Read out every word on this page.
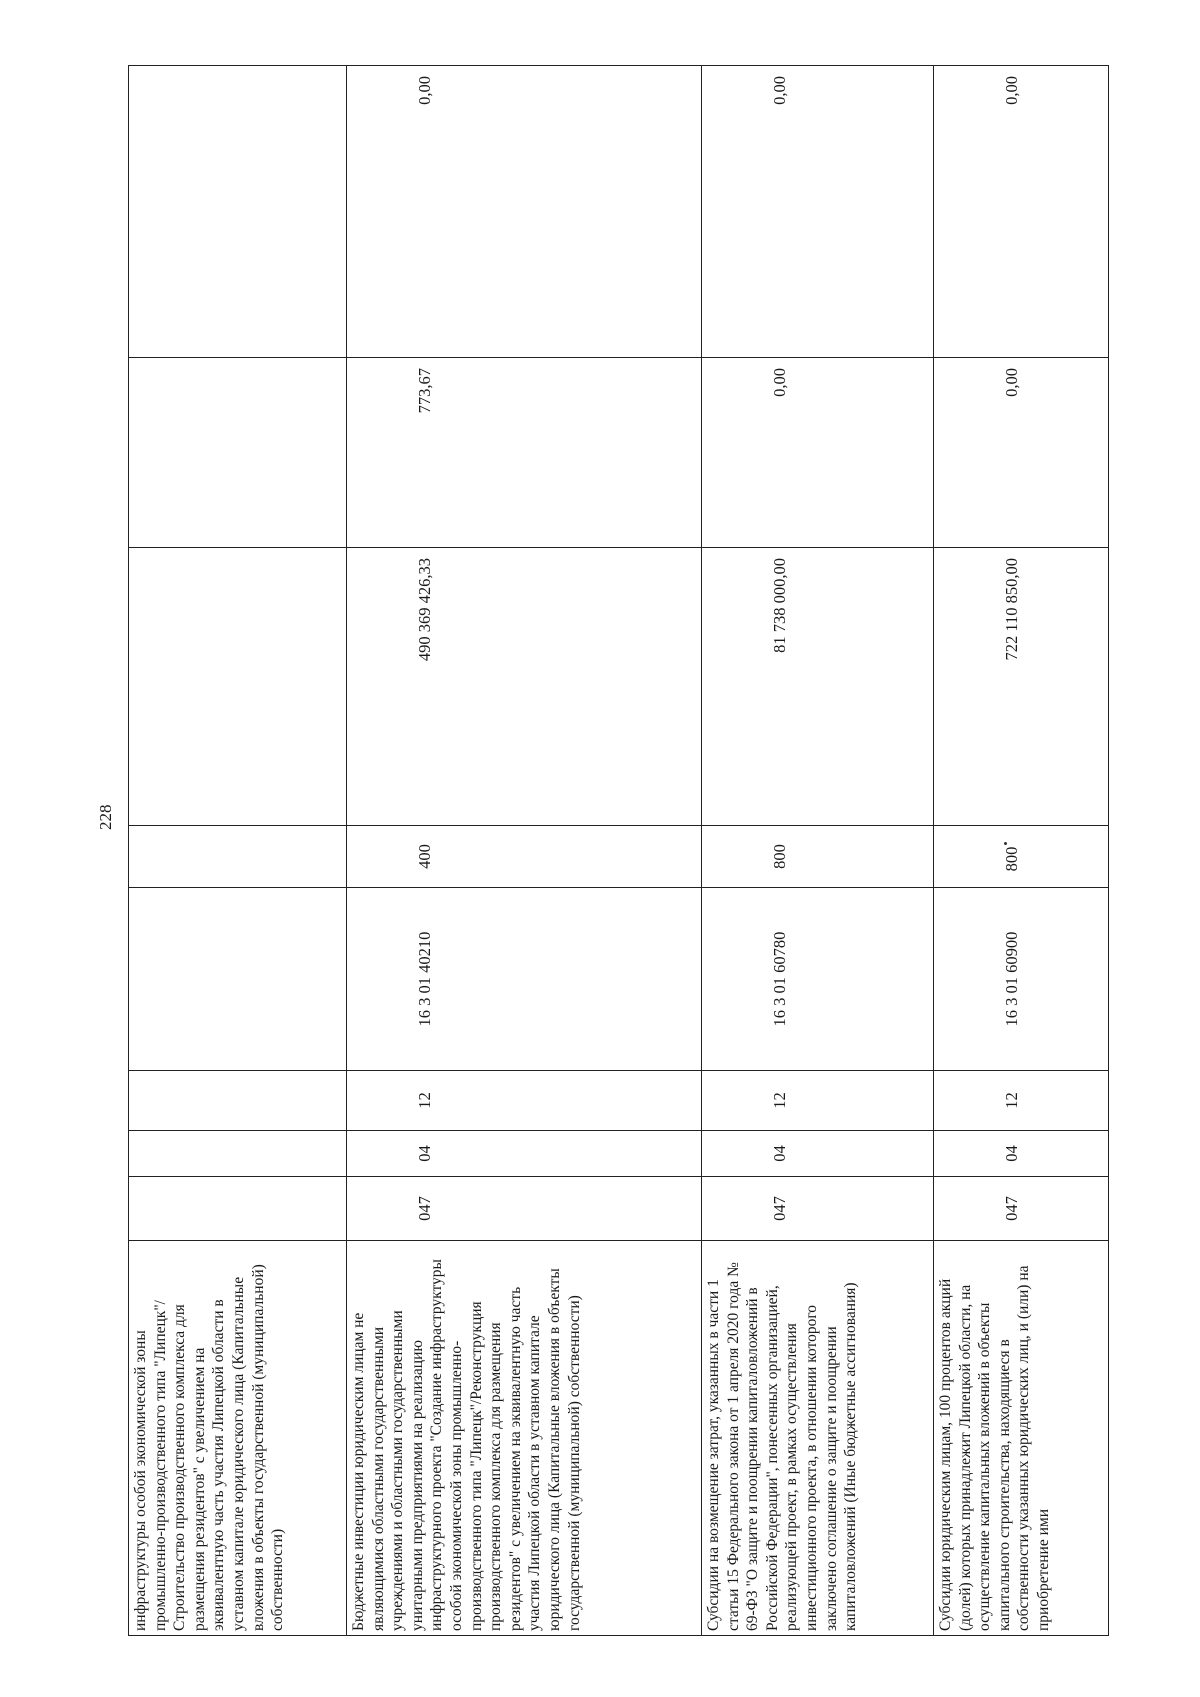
228
инфраструктуры особой экономической зоны промышленно-производственного типа "Липецк"/Строительство производственного комплекса для размещения резидентов" с увеличением на эквивалентную часть участия Липецкой области в уставном капитале юридического лица (Капитальные вложения в объекты государственной (муниципальной) собственности)								
Бюджетные инвестиции юридическим лицам не являющимися областными государственными учреждениями и областными государственными унитарными предприятиями на реализацию инфраструктурного проекта "Создание инфраструктуры особой экономической зоны промышленно-производственного типа "Липецк"/Реконструкция производственного комплекса для размещения резидентов" с увеличением на эквивалентную часть участия Липецкой области в уставном капитале юридического лица (Капитальные вложения в объекты государственной (муниципальной) собственности)	047	04	12	16 3 01 40210	400	490 369 426,33	773,67	0,00
Субсидии на возмещение затрат, указанных в части 1 статьи 15 Федерального закона от 1 апреля 2020 года № 69-ФЗ "О защите и поощрении капиталовложений в Российской Федерации", понесенных организацией, реализующей проект, в рамках осуществления инвестиционного проекта, в отношении которого заключено соглашение о защите и поощрении капиталовложений (Иные бюджетные ассигнования)	047	04	12	16 3 01 60780	800	81 738 000,00	0,00	0,00
Субсидии юридическим лицам, 100 процентов акций (долей) которых принадлежит Липецкой области, на осуществление капитальных вложений в объекты капитального строительства, находящиеся в собственности указанных юридических лиц, и (или) на приобретение ими	047	04	12	16 3 01 60900	800	722 110 850,00	0,00	0,00
